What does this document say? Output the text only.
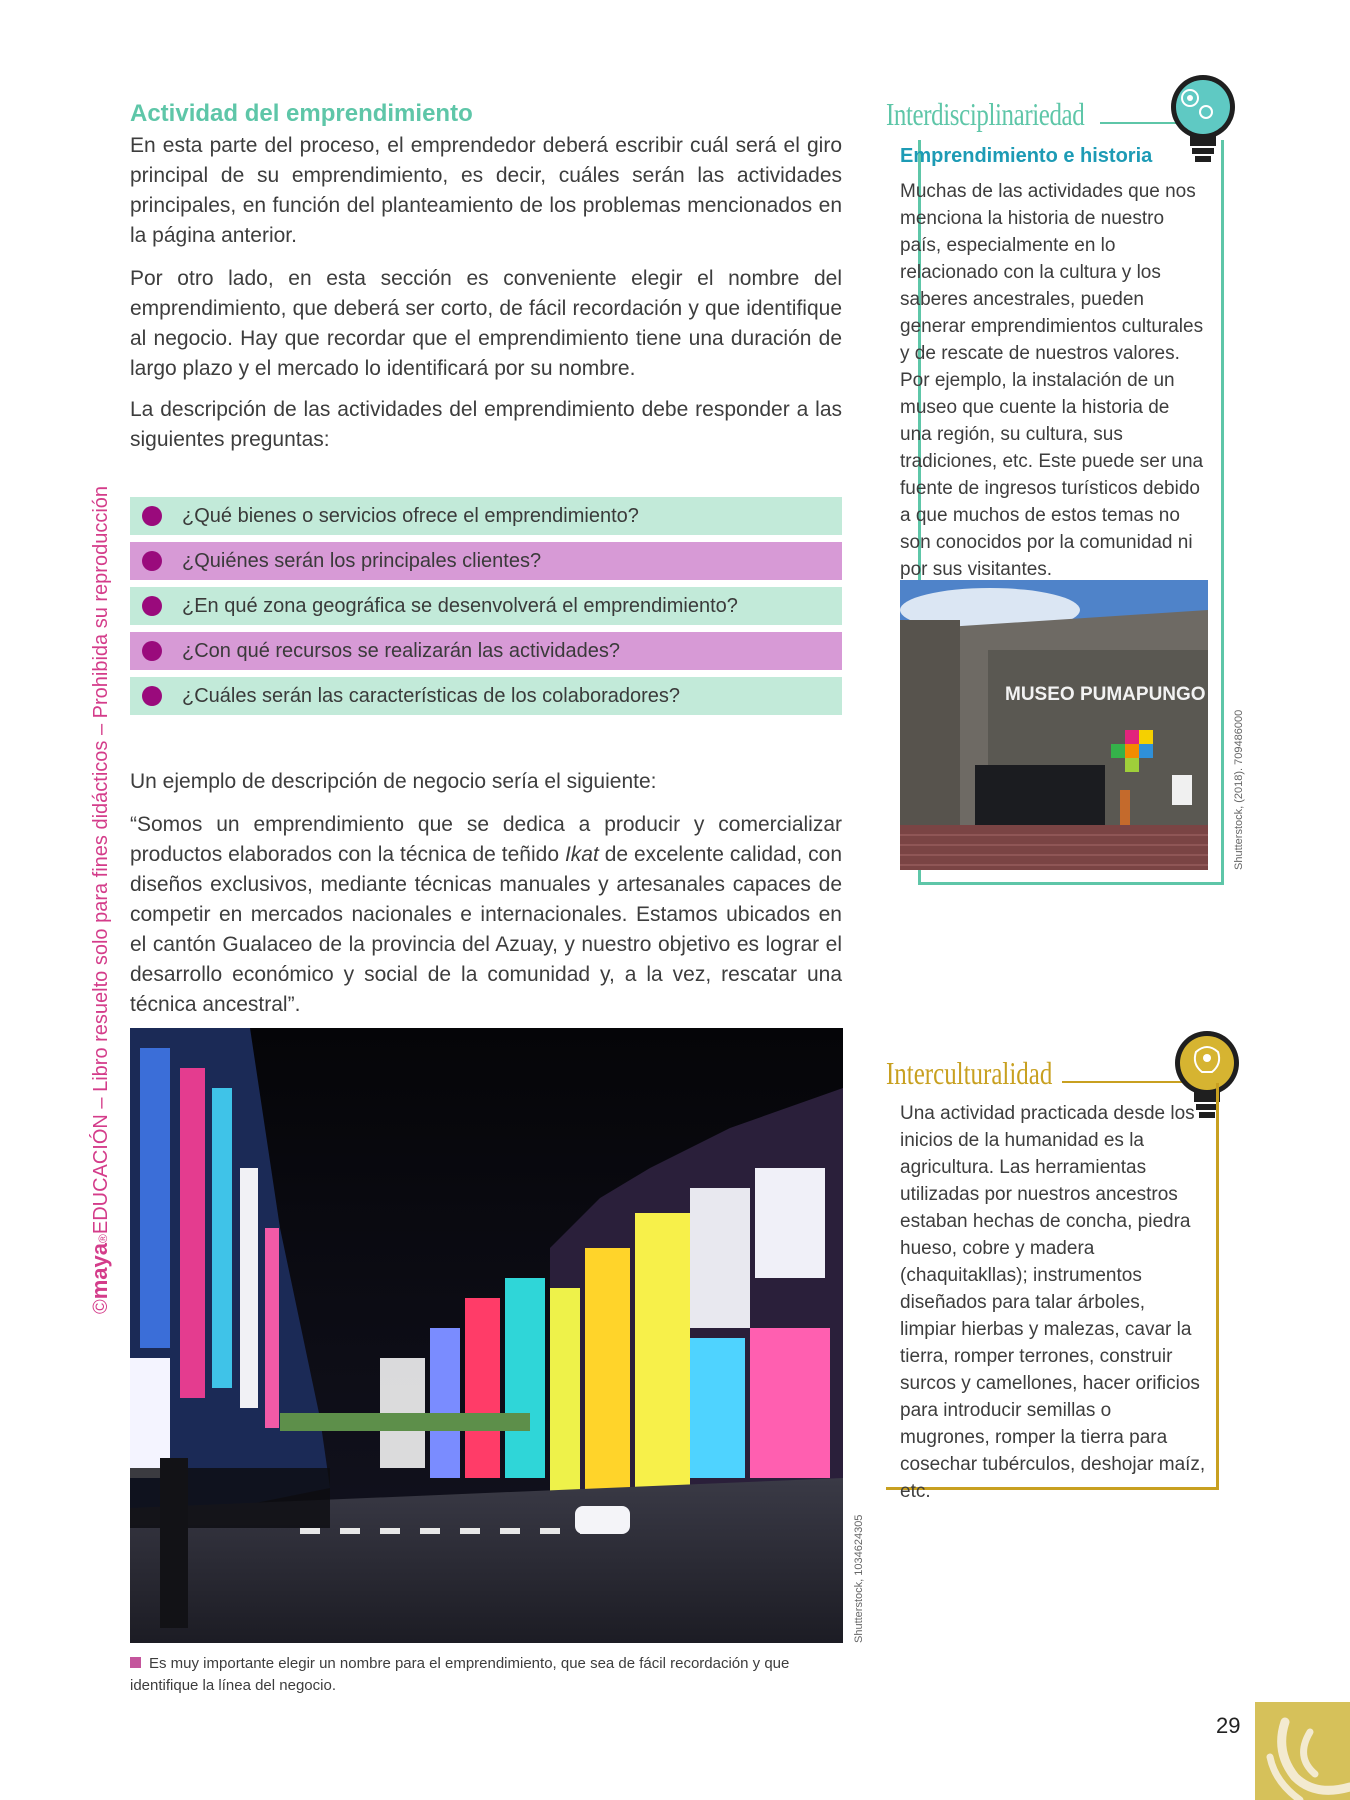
©maya®EDUCACIÓN – Libro resuelto solo para fines didácticos – Prohibida su reproducción
Actividad del emprendimiento

En esta parte del proceso, el emprendedor deberá escribir cuál será el giro principal de su emprendimiento, es decir, cuáles serán las actividades principales, en función del planteamiento de los problemas mencionados en la página anterior.

Por otro lado, en esta sección es conveniente elegir el nombre del emprendimiento, que deberá ser corto, de fácil recordación y que identifique al negocio. Hay que recordar que el emprendimiento tiene una duración de largo plazo y el mercado lo identificará por su nombre.

La descripción de las actividades del emprendimiento debe responder a las siguientes preguntas:

¿Qué bienes o servicios ofrece el emprendimiento?
¿Quiénes serán los principales clientes?
¿En qué zona geográfica se desenvolverá el emprendimiento?
¿Con qué recursos se realizarán las actividades?
¿Cuáles serán las características de los colaboradores?

Un ejemplo de descripción de negocio sería el siguiente:

“Somos un emprendimiento que se dedica a producir y comercializar productos elaborados con la técnica de teñido Ikat de excelente calidad, con diseños exclusivos, mediante técnicas manuales y artesanales capaces de competir en mercados nacionales e internacionales. Estamos ubicados en el cantón Gualaceo de la provincia del Azuay, y nuestro objetivo es lograr el desarrollo económico y social de la comunidad y, a la vez, rescatar una técnica ancestral”.

Shutterstock, 1034624305
Es muy importante elegir un nombre para el emprendimiento, que sea de fácil recordación y que identifique la línea del negocio.
Interdisciplinariedad
Emprendimiento e historia

Muchas de las actividades que nos menciona la historia de nuestro país, especialmente en lo relacionado con la cultura y los saberes ancestrales, pueden generar emprendimientos culturales y de rescate de nuestros valores. Por ejemplo, la instalación de un museo que cuente la historia de una región, su cultura, sus tradiciones, etc. Este puede ser una fuente de ingresos turísticos debido a que muchos de estos temas no son conocidos por la comunidad ni por sus visitantes.

MUSEO PUMAPUNGO
Shutterstock, (2018). 709486000
Interculturalidad

Una actividad practicada desde los inicios de la humanidad es la agricultura. Las herramientas utilizadas por nuestros ancestros estaban hechas de concha, piedra hueso, cobre y madera (chaquitakllas); instrumentos diseñados para talar árboles, limpiar hierbas y malezas, cavar la tierra, romper terrones, construir surcos y camellones, hacer orificios para introducir semillas o mugrones, romper la tierra para cosechar tubérculos, deshojar maíz, etc.

29
